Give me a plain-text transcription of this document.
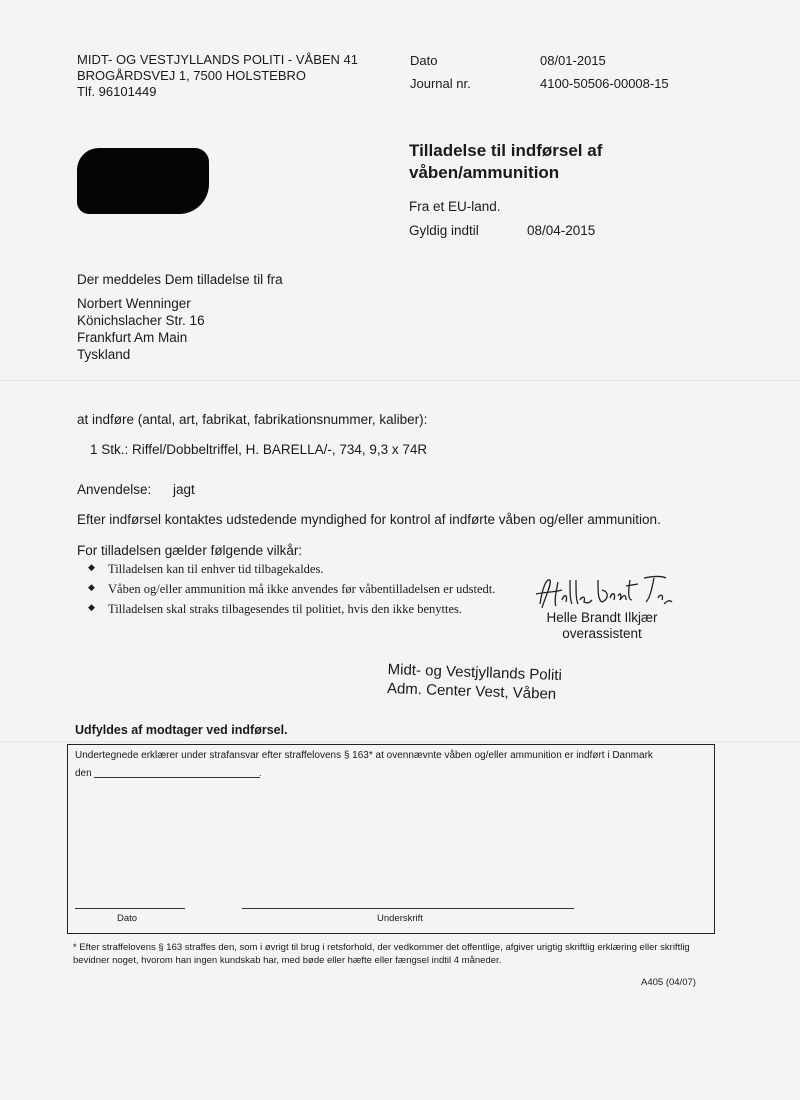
MIDT- OG VESTJYLLANDS POLITI - VÅBEN 41
BROGÅRDSVEJ 1, 7500 HOLSTEBRO
Tlf. 96101449
Dato	08/01-2015
Journal nr.	4100-50506-00008-15
Tilladelse til indførsel af
våben/ammunition
Fra et EU-land.
Gyldig indtil	08/04-2015
Der meddeles Dem tilladelse til fra
Norbert Wenninger
Könichslacher Str. 16
Frankfurt Am Main
Tyskland
at indføre (antal, art, fabrikat, fabrikationsnummer, kaliber):
1 Stk.: Riffel/Dobbeltriffel, H. BARELLA/-, 734, 9,3 x 74R
Anvendelse: jagt
Efter indførsel kontaktes udstedende myndighed for kontrol af indførte våben og/eller ammunition.
For tilladelsen gælder følgende vilkår:
◆ Tilladelsen kan til enhver tid tilbagekaldes.
◆ Våben og/eller ammunition må ikke anvendes før våbentilladelsen er udstedt.
◆ Tilladelsen skal straks tilbagesendes til politiet, hvis den ikke benyttes.
Helle Brandt Ilkjær
overassistent
Midt- og Vestjyllands Politi
Adm. Center Vest, Våben
Udfyldes af modtager ved indførsel.
Undertegnede erklærer under strafansvar efter straffelovens § 163* at ovennævnte våben og/eller ammunition er indført i Danmark
den	.
Dato	Underskrift
* Efter straffelovens § 163 straffes den, som i øvrigt til brug i retsforhold, der vedkommer det offentlige, afgiver urigtig skriftlig erklæring eller skriftlig bevidner noget, hvorom han ingen kundskab har, med bøde eller hæfte eller fængsel indtil 4 måneder.
A405 (04/07)
